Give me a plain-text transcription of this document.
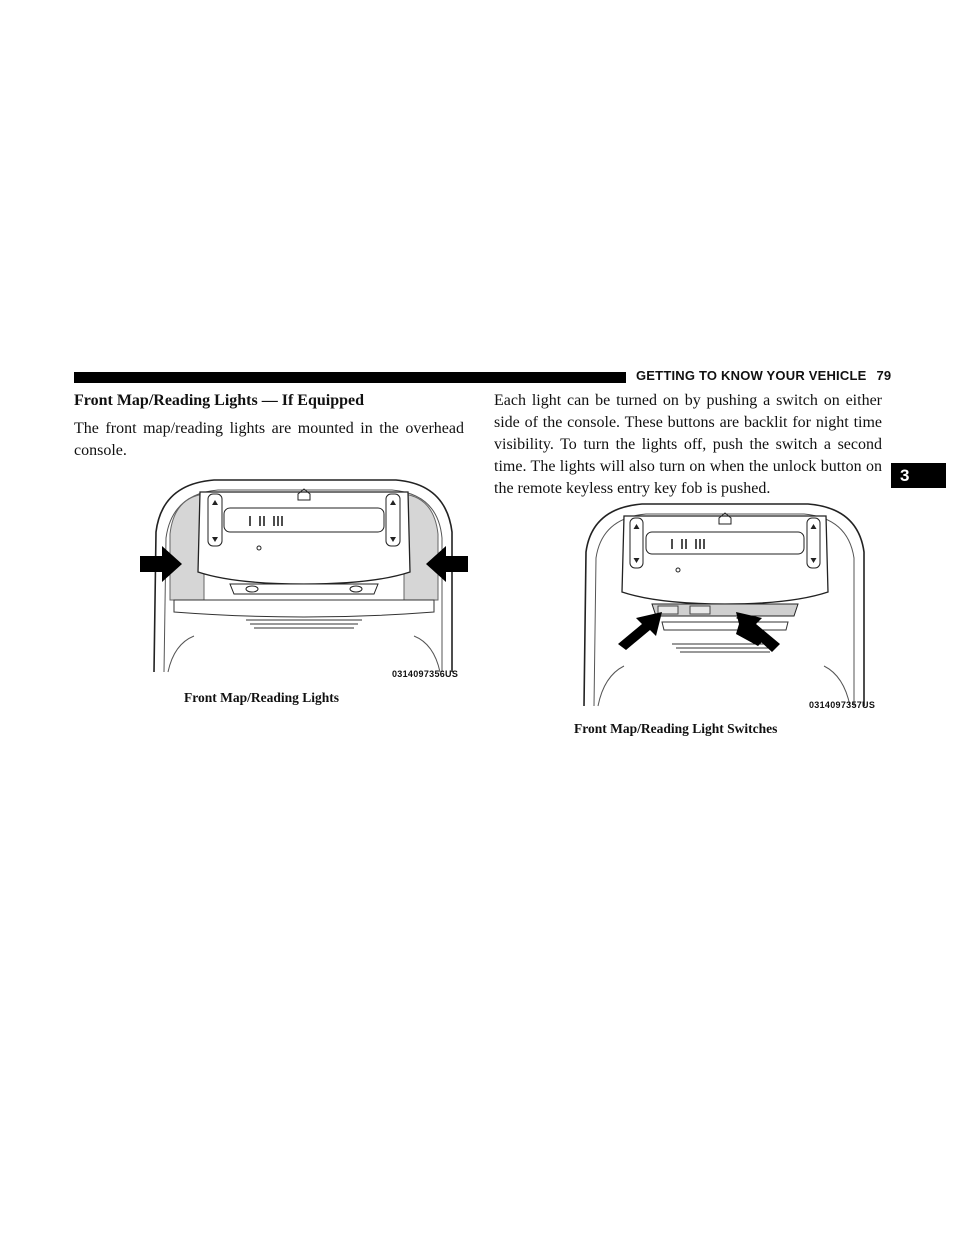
GETTING TO KNOW YOUR VEHICLE 79
3
Front Map/Reading Lights — If Equipped
The front map/reading lights are mounted in the overhead console.
0314097356US
Front Map/Reading Lights
Each light can be turned on by pushing a switch on either side of the console. These buttons are backlit for night time visibility. To turn the lights off, push the switch a second time. The lights will also turn on when the unlock button on the remote keyless entry key fob is pushed.
0314097357US
Front Map/Reading Light Switches
